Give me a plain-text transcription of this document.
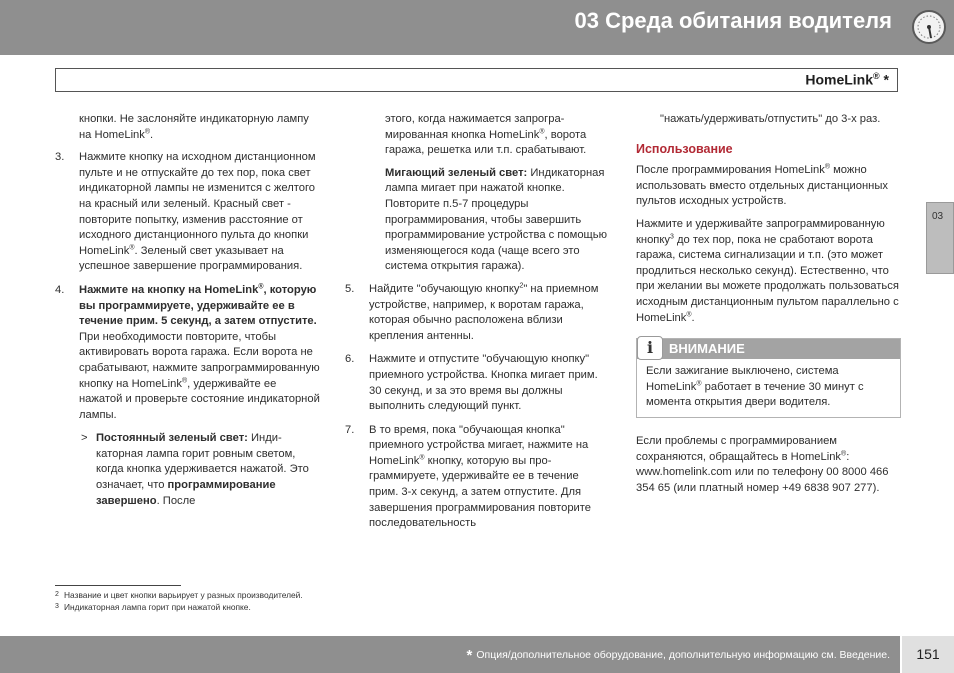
03 Среда обитания водителя
HomeLink® *
03

кнопки. Не заслоняйте индикаторную лампу на HomeLink®.

3. Нажмите кнопку на исходном дистанционном пульте и не отпускайте до тех пор, пока свет индикаторной лампы не изменится с желтого на красный или зеленый. Красный свет - повторите попытку, изменив расстояние от исходного дистанционного пульта до кнопки HomeLink®. Зеленый свет указывает на успешное завершение программирования.
4. Нажмите на кнопку на HomeLink®, которую вы программируете, удерживайте ее в течение прим. 5 секунд, а затем отпустите. При необходимости повторите, чтобы активировать ворота гаража. Если ворота не срабатывают, нажмите запрограммированную кнопку на HomeLink®, удерживайте ее нажатой и проверьте состояние индикаторной лампы.
> Постоянный зеленый свет: Индикаторная лампа горит ровным светом, когда кнопка удерживается нажатой. Это означает, что программирование завершено. После

этого, когда нажимается запрограмированная кнопка HomeLink®, ворота гаража, решетка или т.п. срабатывают.

Мигающий зеленый свет: Индикаторная лампа мигает при нажатой кнопке. Повторите п.5-7 процедуры программирования, чтобы завершить программирование устройства с помощью изменяющегося кода (чаще всего это система открытия гаража).

5. Найдите "обучающую кнопку$^2$" на приемном устройстве, например, к воротам гаража, которая обычно расположена вблизи крепления антенны.
6. Нажмите и отпустите "обучающую кнопку" приемного устройства. Кнопка мигает прим. 30 секунд, и за это время вы должны выполнить следующий пункт.
7. В то время, пока "обучающая кнопка" приемного устройства мигает, нажмите на HomeLink® кнопку, которую вы программируете, удерживайте ее в течение прим. 3-х секунд, а затем отпустите. Для завершения программирования повторите последовательность

"нажать/удерживать/отпустить" до 3-х раз.

Использование

После программирования HomeLink® можно использовать вместо отдельных дистанционных пультов исходных устройств.

Нажмите и удерживайте запрограммированную кнопку$^3$ до тех пор, пока не сработают ворота гаража, система сигнализации и т.п. (это может продлиться несколько секунд). Естественно, что при желании вы можете продолжать пользоваться исходным дистанционным пультом параллельно с HomeLink®.

i	ВНИМАНИЕ
Если зажигание выключено, система HomeLink® работает в течение 30 минут с момента открытия двери водителя.

Если проблемы с программированием сохраняются, обращайтесь в HomeLink®: www.homelink.com или по телефону 00 8000 466 354 65 (или платный номер +49 6838 907 277).

2 Название и цвет кнопки варьирует у разных производителей.
3 Индикаторная лампа горит при нажатой кнопке.
* Опция/дополнительное оборудование, дополнительную информацию см. Введение.	151
